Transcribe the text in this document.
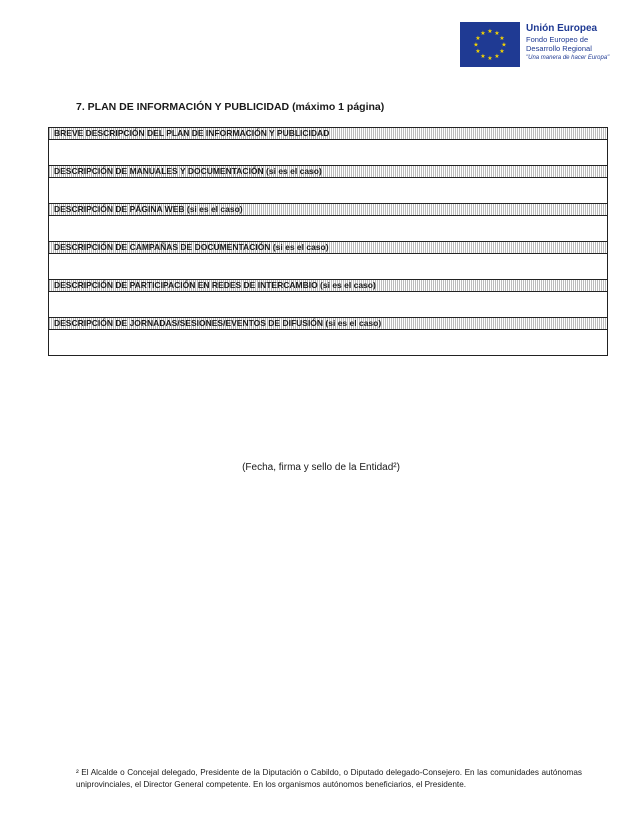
★ ★
★
★
★
★
★
★
★
★
★
★	Unión Europea
Fondo Europeo de
Desarrollo Regional
"Una manera de hacer Europa"
7. PLAN DE INFORMACIÓN Y PUBLICIDAD (máximo 1 página)
BREVE DESCRIPCIÓN DEL PLAN DE INFORMACIÓN Y PUBLICIDAD
DESCRIPCIÓN DE MANUALES Y DOCUMENTACIÓN (si es el caso)
DESCRIPCIÓN DE PÁGINA WEB (si es el caso)
DESCRIPCIÓN DE CAMPAÑAS DE DOCUMENTACIÓN (si es el caso)
DESCRIPCIÓN DE PARTICIPACIÓN EN REDES DE INTERCAMBIO (si es el caso)
DESCRIPCIÓN DE JORNADAS/SESIONES/EVENTOS DE DIFUSIÓN (si es el caso)
(Fecha, firma y sello de la Entidad²)
² El Alcalde o Concejal delegado, Presidente de la Diputación o Cabildo, o Diputado delegado-Consejero. En las comunidades autónomas uniprovinciales, el Director General competente. En los organismos autónomos beneficiarios, el Presidente.
